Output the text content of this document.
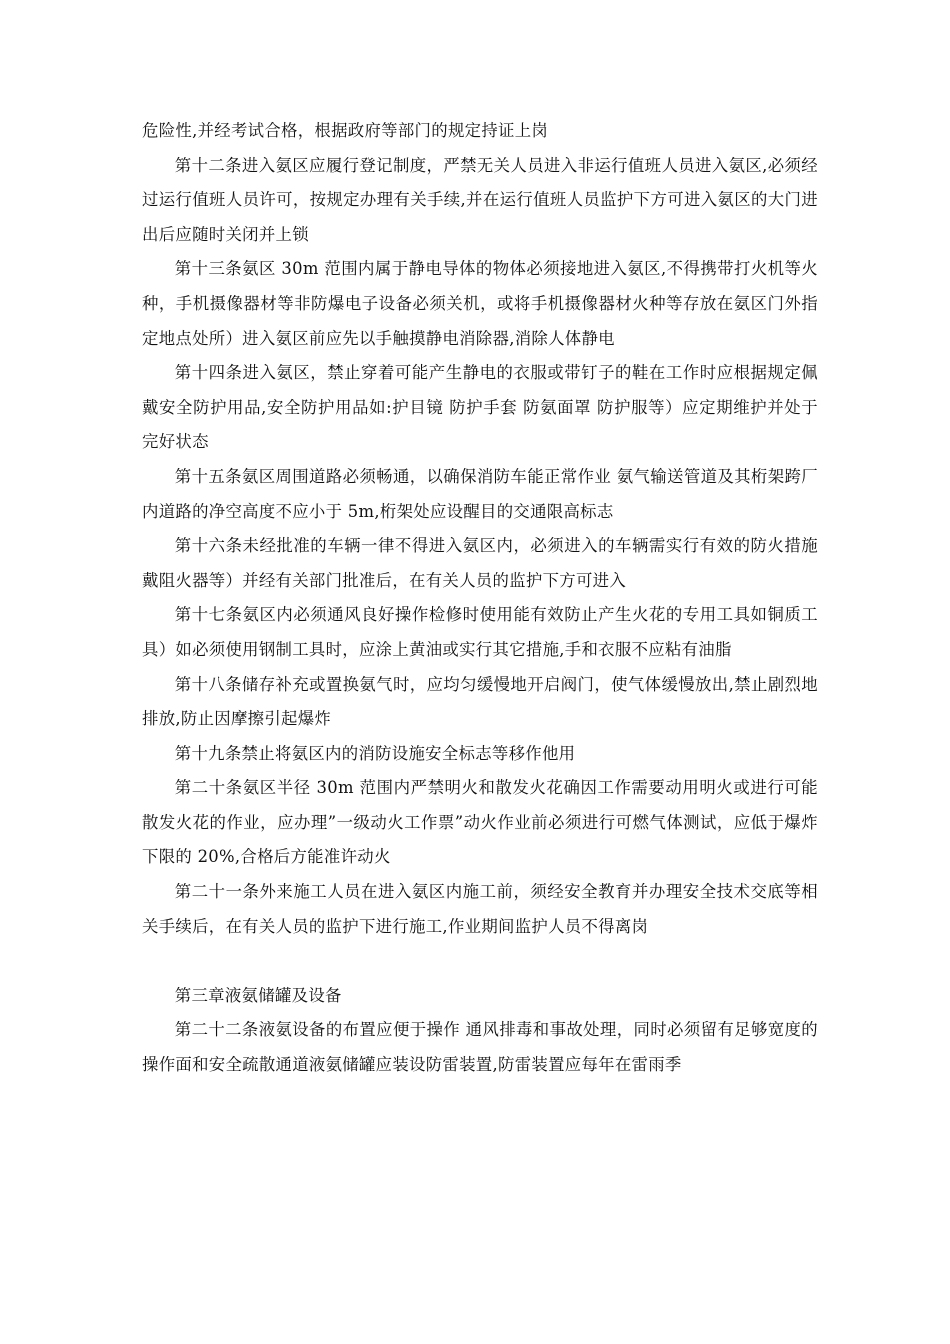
危险性,并经考试合格，根据政府等部门的规定持证上岗

第十二条进入氨区应履行登记制度，严禁无关人员进入非运行值班人员进入氨区,必须经过运行值班人员许可，按规定办理有关手续,并在运行值班人员监护下方可进入氨区的大门进出后应随时关闭并上锁

第十三条氨区 30m 范围内属于静电导体的物体必须接地进入氨区,不得携带打火机等火种，手机摄像器材等非防爆电子设备必须关机，或将手机摄像器材火种等存放在氨区门外指定地点处所）进入氨区前应先以手触摸静电消除器,消除人体静电

第十四条进入氨区，禁止穿着可能产生静电的衣服或带钉子的鞋在工作时应根据规定佩戴安全防护用品,安全防护用品如:护目镜 防护手套 防氨面罩 防护服等）应定期维护并处于完好状态

第十五条氨区周围道路必须畅通，以确保消防车能正常作业 氨气输送管道及其桁架跨厂内道路的净空高度不应小于 5m,桁架处应设醒目的交通限高标志

第十六条未经批准的车辆一律不得进入氨区内，必须进入的车辆需实行有效的防火措施戴阻火器等）并经有关部门批准后，在有关人员的监护下方可进入

第十七条氨区内必须通风良好操作检修时使用能有效防止产生火花的专用工具如铜质工具）如必须使用钢制工具时，应涂上黄油或实行其它措施,手和衣服不应粘有油脂

第十八条储存补充或置换氨气时，应均匀缓慢地开启阀门，使气体缓慢放出,禁止剧烈地排放,防止因摩擦引起爆炸

第十九条禁止将氨区内的消防设施安全标志等移作他用

第二十条氨区半径 30m 范围内严禁明火和散发火花确因工作需要动用明火或进行可能散发火花的作业，应办理”一级动火工作票”动火作业前必须进行可燃气体测试，应低于爆炸下限的 20%,合格后方能准许动火

第二十一条外来施工人员在进入氨区内施工前，须经安全教育并办理安全技术交底等相关手续后，在有关人员的监护下进行施工,作业期间监护人员不得离岗

第三章液氨储罐及设备

第二十二条液氨设备的布置应便于操作 通风排毒和事故处理，同时必须留有足够宽度的操作面和安全疏散通道液氨储罐应装设防雷装置,防雷装置应每年在雷雨季
